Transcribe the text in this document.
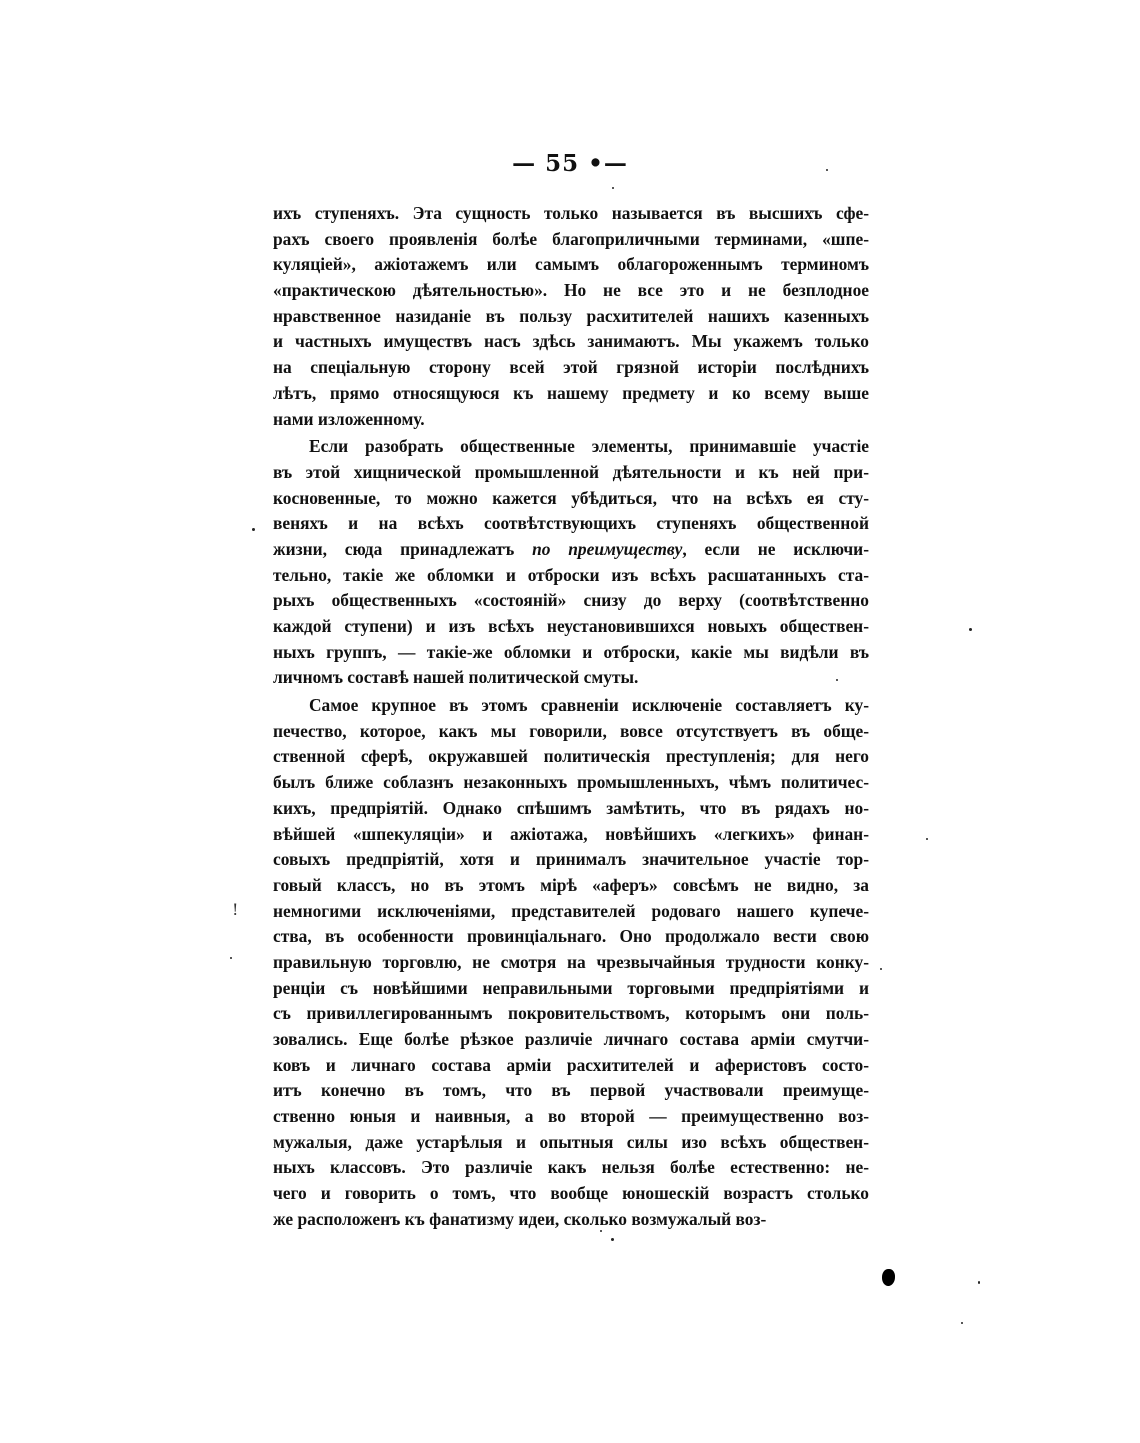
— 55 •—
ихъ ступеняхъ. Эта сущность только называется въ высшихъ сфе-
рахъ своего проявленія болѣе благоприличными терминами, «шпе-
куляціей», ажіотажемъ или самымъ облагороженнымъ терминомъ
«практическою дѣятельностью». Но не все это и не безплодное
нравственное назиданіе въ пользу расхитителей нашихъ казенныхъ
и частныхъ имуществъ насъ здѣсь занимаютъ. Мы укажемъ только
на спеціальную сторону всей этой грязной исторіи послѣднихъ
лѣтъ, прямо относящуюся къ нашему предмету и ко всему выше
нами изложенному.
Если разобрать общественные элементы, принимавшіе участіе
въ этой хищнической промышленной дѣятельности и къ ней при-
косновенные, то можно кажется убѣдиться, что на всѣхъ ея сту-
веняхъ и на всѣхъ соотвѣтствующихъ ступеняхъ общественной
жизни, сюда принадлежатъ по преимуществу, если не исключи-
тельно, такіе же обломки и отброски изъ всѣхъ расшатанныхъ ста-
рыхъ общественныхъ «состояній» снизу до верху (соотвѣтственно
каждой ступени) и изъ всѣхъ неустановившихся новыхъ обществен-
ныхъ группъ, — такіе-же обломки и отброски, какіе мы видѣли въ
личномъ составѣ нашей политической смуты.
Самое крупное въ этомъ сравненіи исключеніе составляетъ ку-
печество, которое, какъ мы говорили, вовсе отсутствуетъ въ обще-
ственной сферѣ, окружавшей политическія преступленія; для него
былъ ближе соблазнъ незаконныхъ промышленныхъ, чѣмъ политичес-
кихъ, предпріятій. Однако спѣшимъ замѣтить, что въ рядахъ но-
вѣйшей «шпекуляціи» и ажіотажа, новѣйшихъ «легкихъ» финан-
совыхъ предпріятій, хотя и принималъ значительное участіе тор-
говый классъ, но въ этомъ мірѣ «аферъ» совсѣмъ не видно, за
немногими исключеніями, представителей родоваго нашего купече-
ства, въ особенности провинціальнаго. Оно продолжало вести свою
правильную торговлю, не смотря на чрезвычайныя трудности конку-
ренціи съ новѣйшими неправильными торговыми предпріятіями и
съ привиллегированнымъ покровительствомъ, которымъ они поль-
зовались. Еще болѣе рѣзкое различіе личнаго состава арміи смутчи-
ковъ и личнаго состава арміи расхитителей и аферистовъ состо-
итъ конечно въ томъ, что въ первой участвовали преимуще-
ственно юныя и наивныя, а во второй — преимущественно воз-
мужалыя, даже устарѣлыя и опытныя силы изо всѣхъ обществен-
ныхъ классовъ. Это различіе какъ нельзя болѣе естественно: не-
чего и говорить о томъ, что вообще юношескій возрастъ столько
же расположенъ къ фанатизму идеи, сколько возмужалый воз-
!
